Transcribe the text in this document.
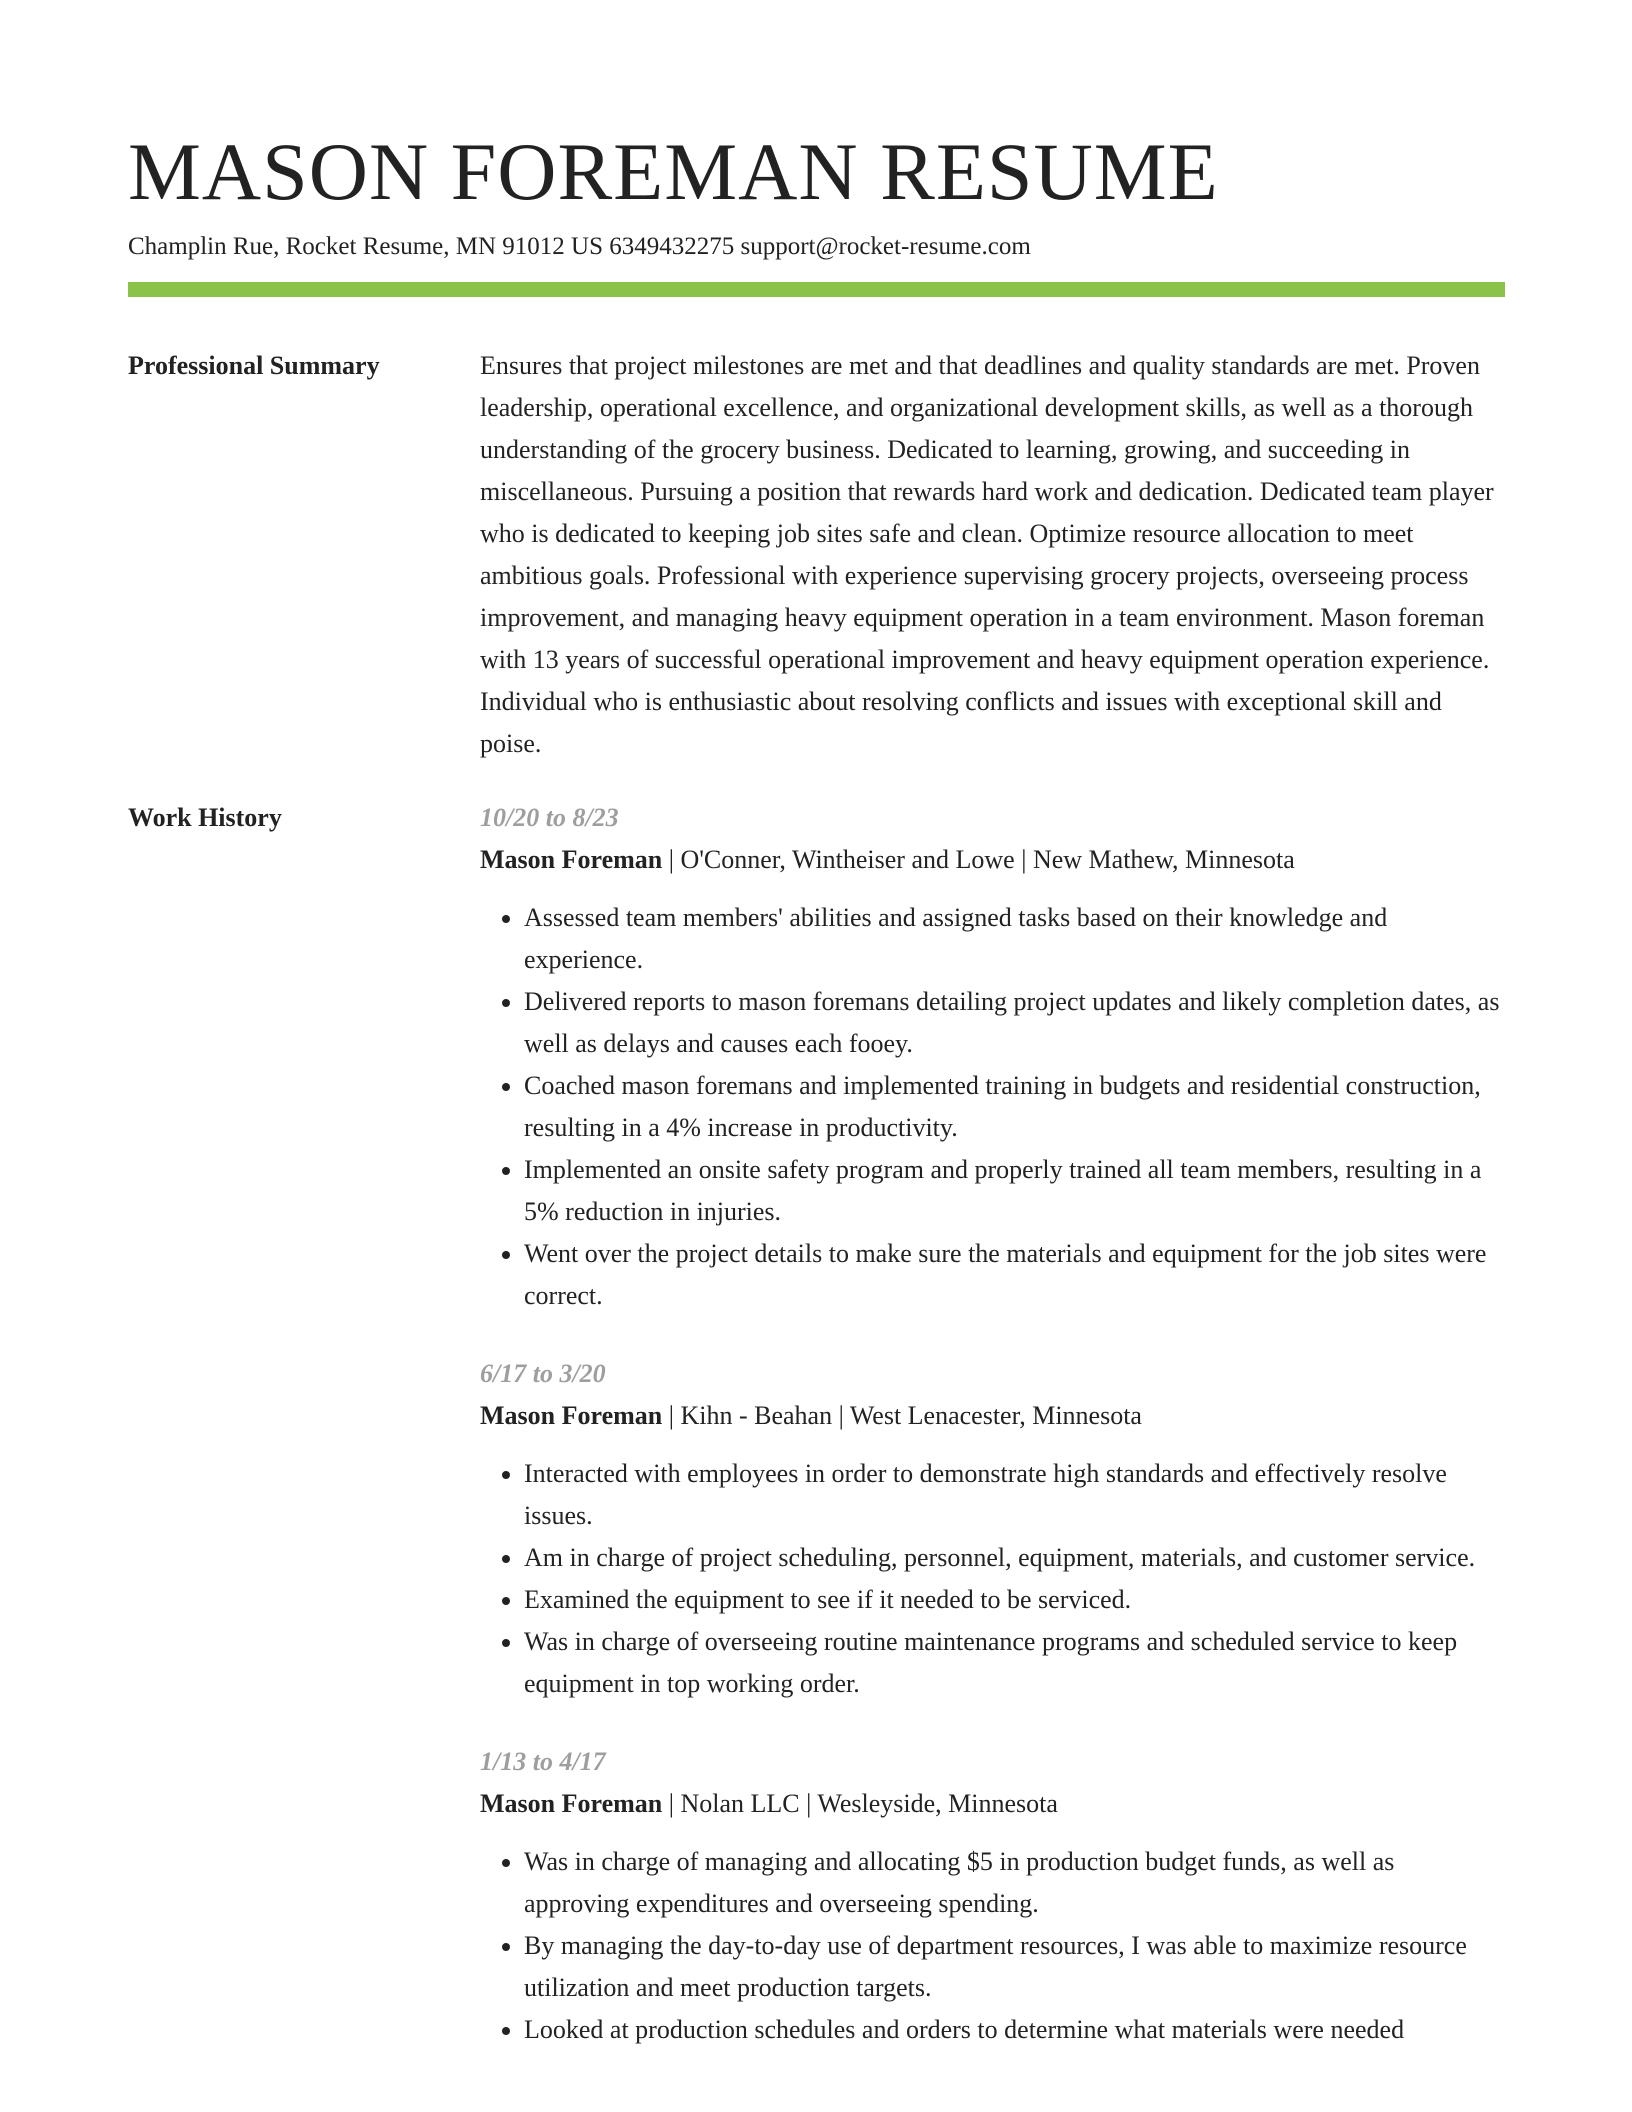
MASON FOREMAN RESUME
Champlin Rue, Rocket Resume, MN 91012 US 6349432275 support@rocket-resume.com
Professional Summary	Ensures that project milestones are met and that deadlines and quality standards are met. Proven leadership, operational excellence, and organizational development skills, as well as a thorough understanding of the grocery business. Dedicated to learning, growing, and succeeding in miscellaneous. Pursuing a position that rewards hard work and dedication. Dedicated team player who is dedicated to keeping job sites safe and clean. Optimize resource allocation to meet ambitious goals. Professional with experience supervising grocery projects, overseeing process improvement, and managing heavy equipment operation in a team environment. Mason foreman with 13 years of successful operational improvement and heavy equipment operation experience. Individual who is enthusiastic about resolving conflicts and issues with exceptional skill and poise.

Work History	10/20 to 8/23
Mason Foreman | O'Conner, Wintheiser and Lowe | New Mathew, Minnesota
• Assessed team members' abilities and assigned tasks based on their knowledge and experience.
• Delivered reports to mason foremans detailing project updates and likely completion dates, as well as delays and causes each fooey.
• Coached mason foremans and implemented training in budgets and residential construction, resulting in a 4% increase in productivity.
• Implemented an onsite safety program and properly trained all team members, resulting in a 5% reduction in injuries.
• Went over the project details to make sure the materials and equipment for the job sites were correct.
6/17 to 3/20
Mason Foreman | Kihn - Beahan | West Lenacester, Minnesota
• Interacted with employees in order to demonstrate high standards and effectively resolve issues.
• Am in charge of project scheduling, personnel, equipment, materials, and customer service.
• Examined the equipment to see if it needed to be serviced.
• Was in charge of overseeing routine maintenance programs and scheduled service to keep equipment in top working order.
1/13 to 4/17
Mason Foreman | Nolan LLC | Wesleyside, Minnesota
• Was in charge of managing and allocating $5 in production budget funds, as well as approving expenditures and overseeing spending.
• By managing the day-to-day use of department resources, I was able to maximize resource utilization and meet production targets.
• Looked at production schedules and orders to determine what materials were needed
